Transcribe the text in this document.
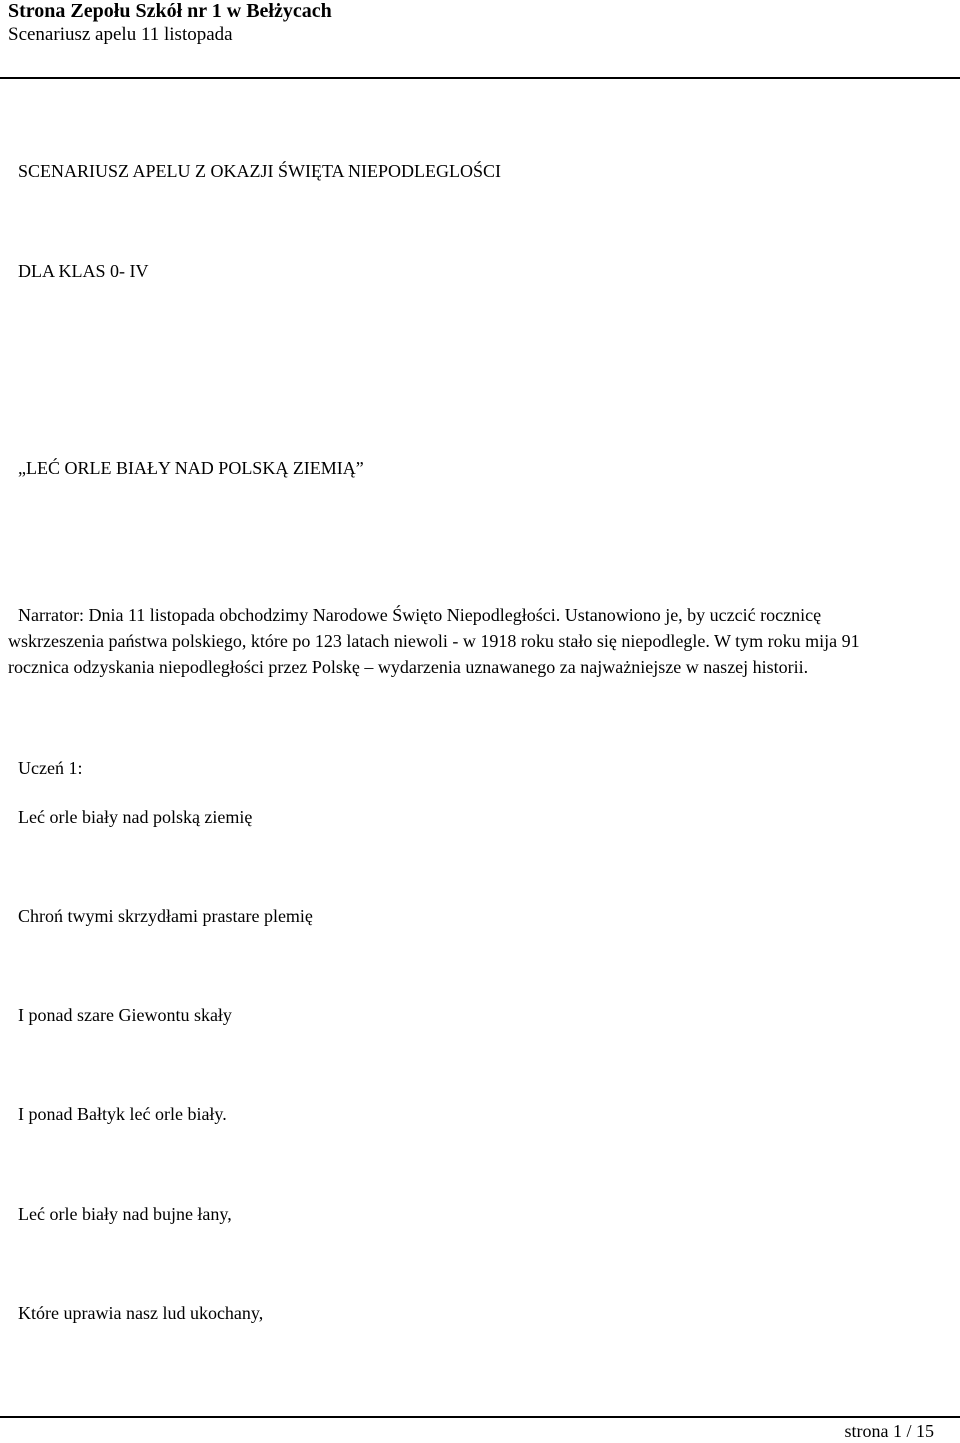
Strona Zepołu Szkół nr 1 w Bełżycach
Scenariusz apelu 11 listopada
SCENARIUSZ APELU Z OKAZJI ŚWIĘTA NIEPODLEGLOŚCI
DLA KLAS 0- IV
„LEĆ ORLE BIAŁY NAD POLSKĄ ZIEMIĄ”
Narrator: Dnia 11 listopada obchodzimy Narodowe Święto Niepodległości. Ustanowiono je, by uczcić rocznicę
wskrzeszenia państwa polskiego, które po 123 latach niewoli - w 1918 roku stało się niepodlegle. W tym roku mija 91
rocznica odzyskania niepodległości przez Polskę – wydarzenia uznawanego za najważniejsze w naszej historii.
Uczeń 1:
Leć orle biały nad polską ziemię
Chroń twymi skrzydłami prastare plemię
I ponad szare Giewontu skały
I ponad Bałtyk leć orle biały.
Leć orle biały nad bujne łany,
Które uprawia nasz lud ukochany,
strona 1 / 15
